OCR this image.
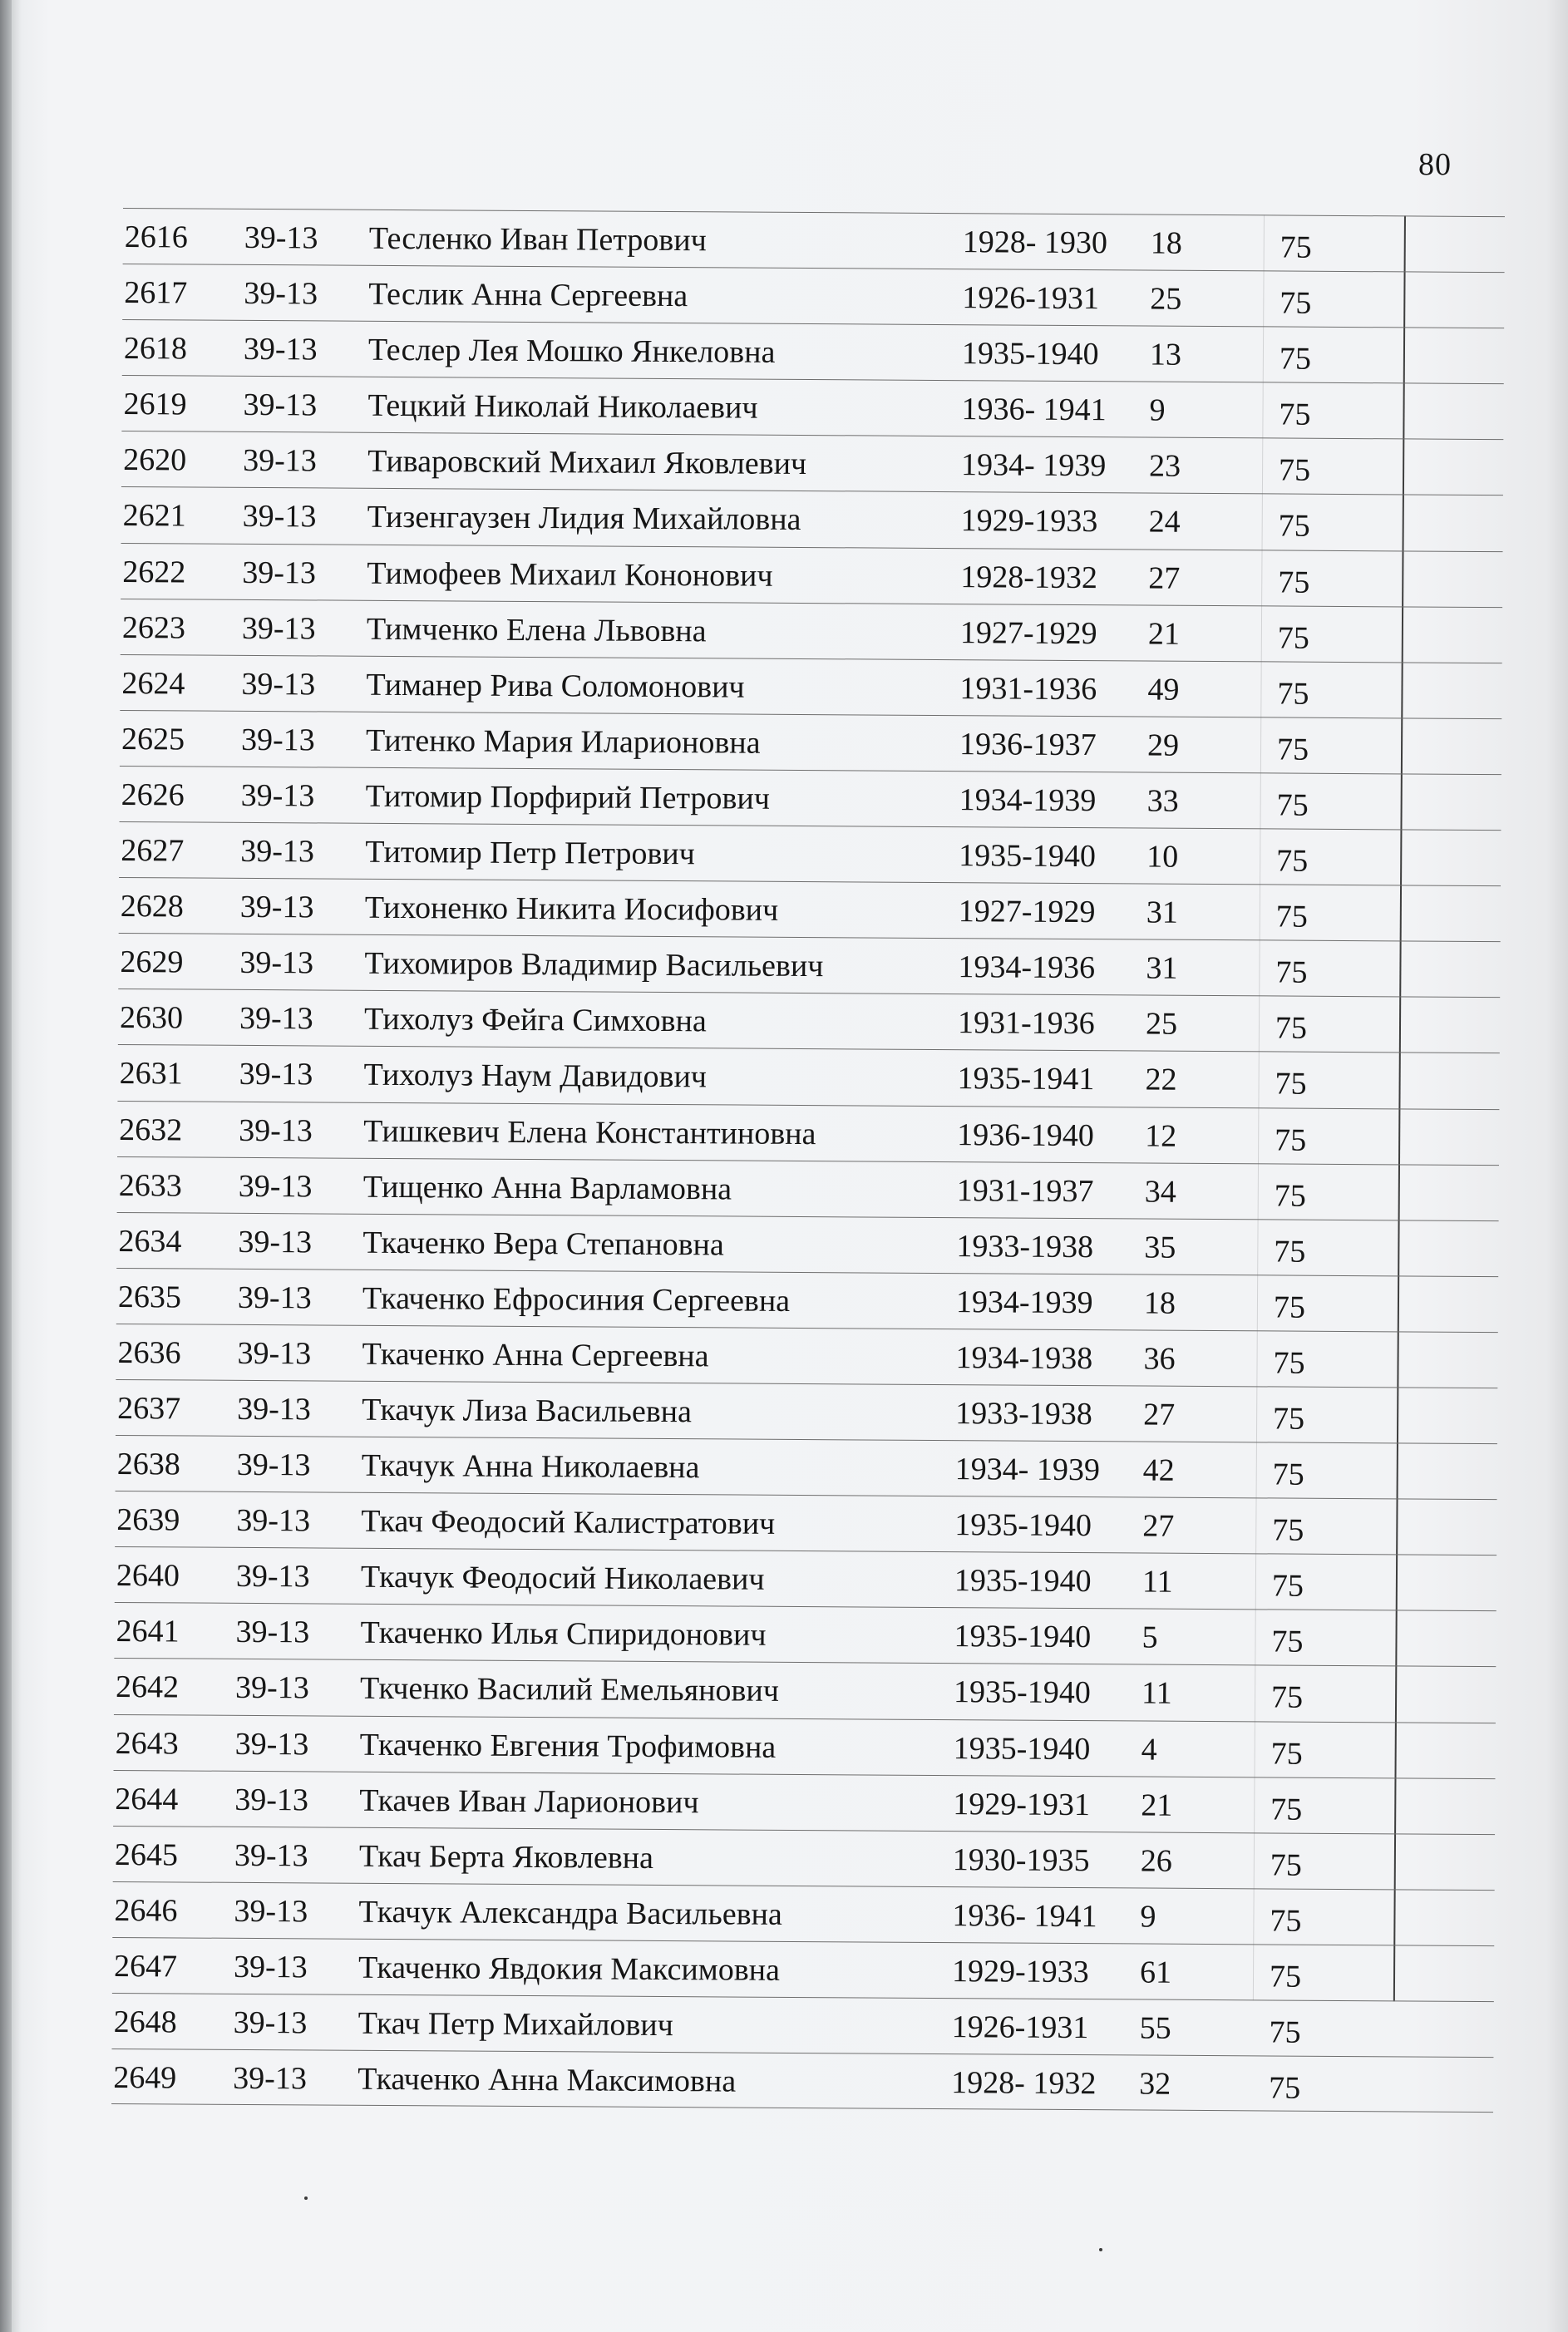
80
2616 39-13 Тесленко Иван Петрович	1928- 1930 18	75
2617 39-13 Теслик Анна Сергеевна	1926-1931 25	75
2618 39-13 Теслер Лея Мошко Янкеловна	1935-1940 13	75
2619 39-13 Тецкий Николай Николаевич	1936- 1941 9	75
2620 39-13 Тиваровский Михаил Яковлевич	1934- 1939 23	75
2621 39-13 Тизенгаузен Лидия Михайловна	1929-1933 24	75
2622 39-13 Тимофеев Михаил Кононович	1928-1932 27	75
2623 39-13 Тимченко Елена Львовна	1927-1929 21	75
2624 39-13 Тиманер Рива Соломонович	1931-1936 49	75
2625 39-13 Титенко Мария Иларионовна	1936-1937 29	75
2626 39-13 Титомир Порфирий Петрович	1934-1939 33	75
2627 39-13 Титомир Петр Петрович	1935-1940 10	75
2628 39-13 Тихоненко Никита Иосифович	1927-1929 31	75
2629 39-13 Тихомиров Владимир Васильевич	1934-1936 31	75
2630 39-13 Тихолуз Фейга Симховна	1931-1936 25	75
2631 39-13 Тихолуз Наум Давидович	1935-1941 22	75
2632 39-13 Тишкевич Елена Константиновна	1936-1940 12	75
2633 39-13 Тищенко Анна Варламовна	1931-1937 34	75
2634 39-13 Ткаченко Вера Степановна	1933-1938 35	75
2635 39-13 Ткаченко Ефросиния Сергеевна	1934-1939 18	75
2636 39-13 Ткаченко Анна Сергеевна	1934-1938 36	75
2637 39-13 Ткачук Лиза Васильевна	1933-1938 27	75
2638 39-13 Ткачук Анна Николаевна	1934- 1939 42	75
2639 39-13 Ткач Феодосий Калистратович	1935-1940 27	75
2640 39-13 Ткачук Феодосий Николаевич	1935-1940 11	75
2641 39-13 Ткаченко Илья Спиридонович	1935-1940 5	75
2642 39-13 Ткченко Василий Емельянович	1935-1940 11	75
2643 39-13 Ткаченко Евгения Трофимовна	1935-1940 4	75
2644 39-13 Ткачев Иван Ларионович	1929-1931 21	75
2645 39-13 Ткач Берта Яковлевна	1930-1935 26	75
2646 39-13 Ткачук Александра Васильевна	1936- 1941 9	75
2647 39-13 Ткаченко Явдокия Максимовна	1929-1933 61	75
2648 39-13 Ткач Петр Михайлович	1926-1931 55	75
2649 39-13 Ткаченко Анна Максимовна	1928- 1932 32	75
